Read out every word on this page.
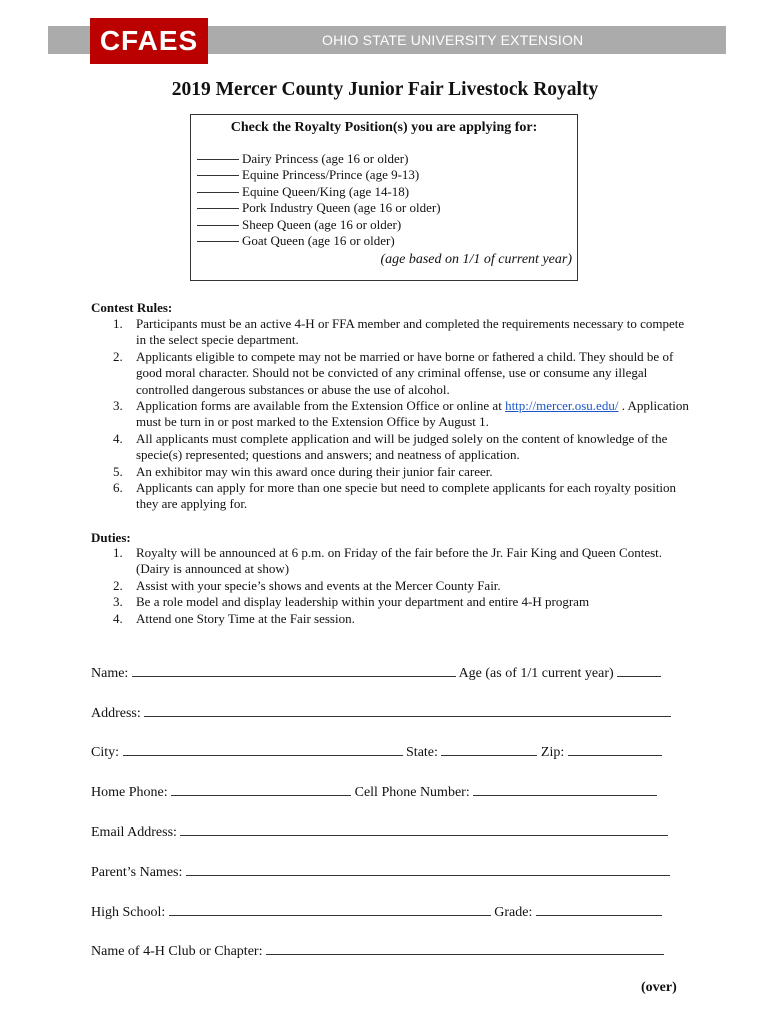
OHIO STATE UNIVERSITY EXTENSION
CFAES
2019 Mercer County Junior Fair Livestock Royalty
Check the Royalty Position(s) you are applying for:
Dairy Princess (age 16 or older)
Equine Princess/Prince (age 9-13)
Equine Queen/King (age 14-18)
Pork Industry Queen (age 16 or older)
Sheep Queen (age 16 or older)
Goat Queen (age 16 or older)
(age based on 1/1 of current year)
Contest Rules:
1. Participants must be an active 4-H or FFA member and completed the requirements necessary to compete in the select specie department.
2. Applicants eligible to compete may not be married or have borne or fathered a child. They should be of good moral character. Should not be convicted of any criminal offense, use or consume any illegal controlled dangerous substances or abuse the use of alcohol.
3. Application forms are available from the Extension Office or online at http://mercer.osu.edu/ . Application must be turn in or post marked to the Extension Office by August 1.
4. All applicants must complete application and will be judged solely on the content of knowledge of the specie(s) represented; questions and answers; and neatness of application.
5. An exhibitor may win this award once during their junior fair career.
6. Applicants can apply for more than one specie but need to complete applicants for each royalty position they are applying for.
Duties:
1. Royalty will be announced at 6 p.m. on Friday of the fair before the Jr. Fair King and Queen Contest. (Dairy is announced at show)
2. Assist with your specie’s shows and events at the Mercer County Fair.
3. Be a role model and display leadership within your department and entire 4-H program
4. Attend one Story Time at the Fair session.
Name:	Age (as of 1/1 current year)
Address:
City:	State:	Zip:
Home Phone:	Cell Phone Number:
Email Address:
Parent’s Names:
High School:	Grade:
Name of 4-H Club or Chapter:
(over)
